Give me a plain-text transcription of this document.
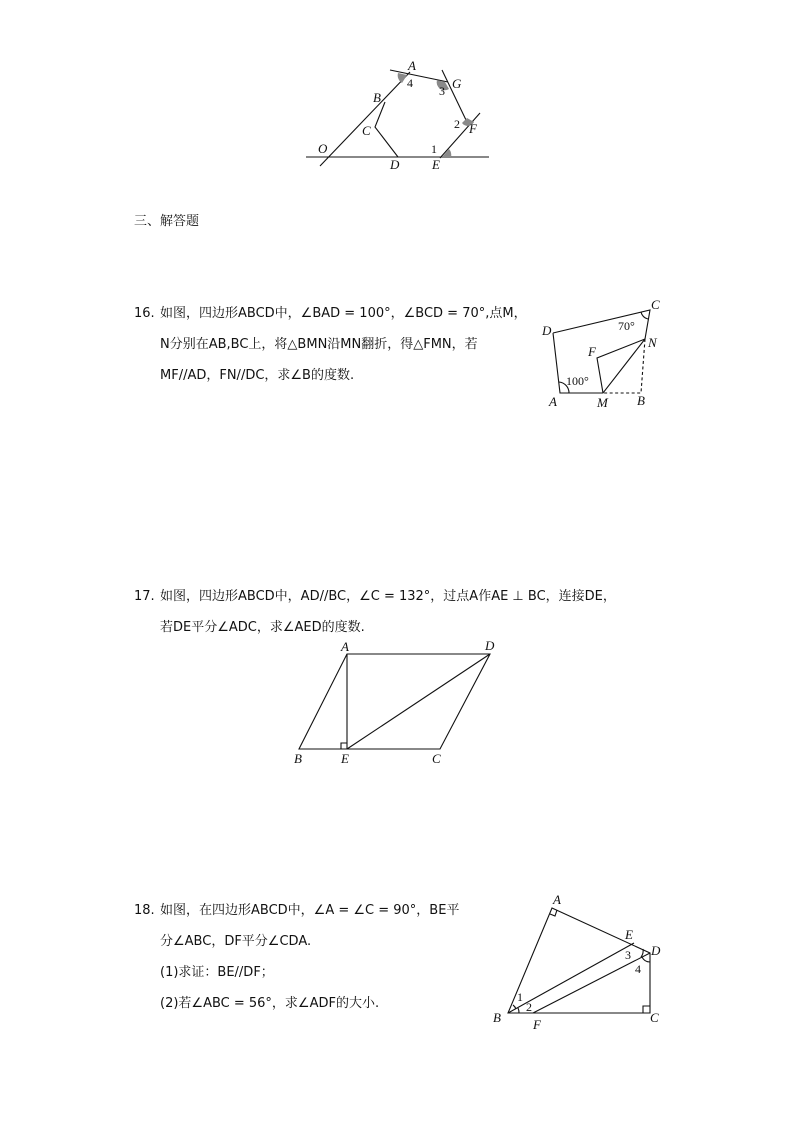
A
B
C
D	E
F
G
O
4
3
2
1
三、解答题
16. 如图，四边形ABCD中，∠BAD = 100°，∠BCD = 70°,点M，
N分别在AB,BC上，将△BMN沿MN翻折，得△FMN，若
MF//AD，FN//DC，求∠B的度数.
A	B
C
D
F
M
N
100°
70°
17. 如图，四边形ABCD中，AD//BC，∠C = 132°，过点A作AE ⊥ BC，连接DE，
若DE平分∠ADC，求∠AED的度数.
A
B	C
D
E
18. 如图，在四边形ABCD中，∠A = ∠C = 90°，BE平
分∠ABC，DF平分∠CDA.
(1)求证：BE//DF；
(2)若∠ABC = 56°，求∠ADF的大小.
A
B	C
D
E
F
1
2
3
4
